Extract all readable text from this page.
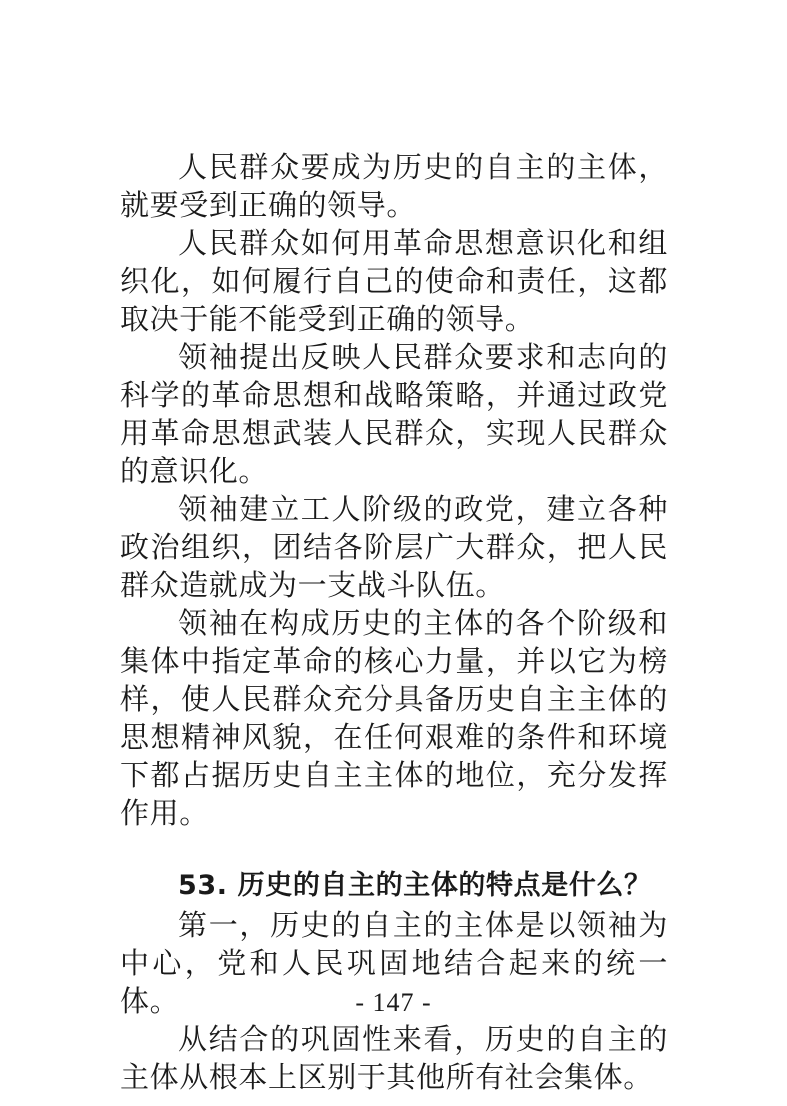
人民群众要成为历史的自主的主体，就要受到正确的领导。

人民群众如何用革命思想意识化和组织化，如何履行自己的使命和责任，这都取决于能不能受到正确的领导。

领袖提出反映人民群众要求和志向的科学的革命思想和战略策略，并通过政党用革命思想武装人民群众，实现人民群众的意识化。

领袖建立工人阶级的政党，建立各种政治组织，团结各阶层广大群众，把人民群众造就成为一支战斗队伍。

领袖在构成历史的主体的各个阶级和集体中指定革命的核心力量，并以它为榜样，使人民群众充分具备历史自主主体的思想精神风貌，在任何艰难的条件和环境下都占据历史自主主体的地位，充分发挥作用。

53. 历史的自主的主体的特点是什么？

第一，历史的自主的主体是以领袖为中心，党和人民巩固地结合起来的统一体。

从结合的巩固性来看，历史的自主的主体从根本上区别于其他所有社会集体。

- 147 -
